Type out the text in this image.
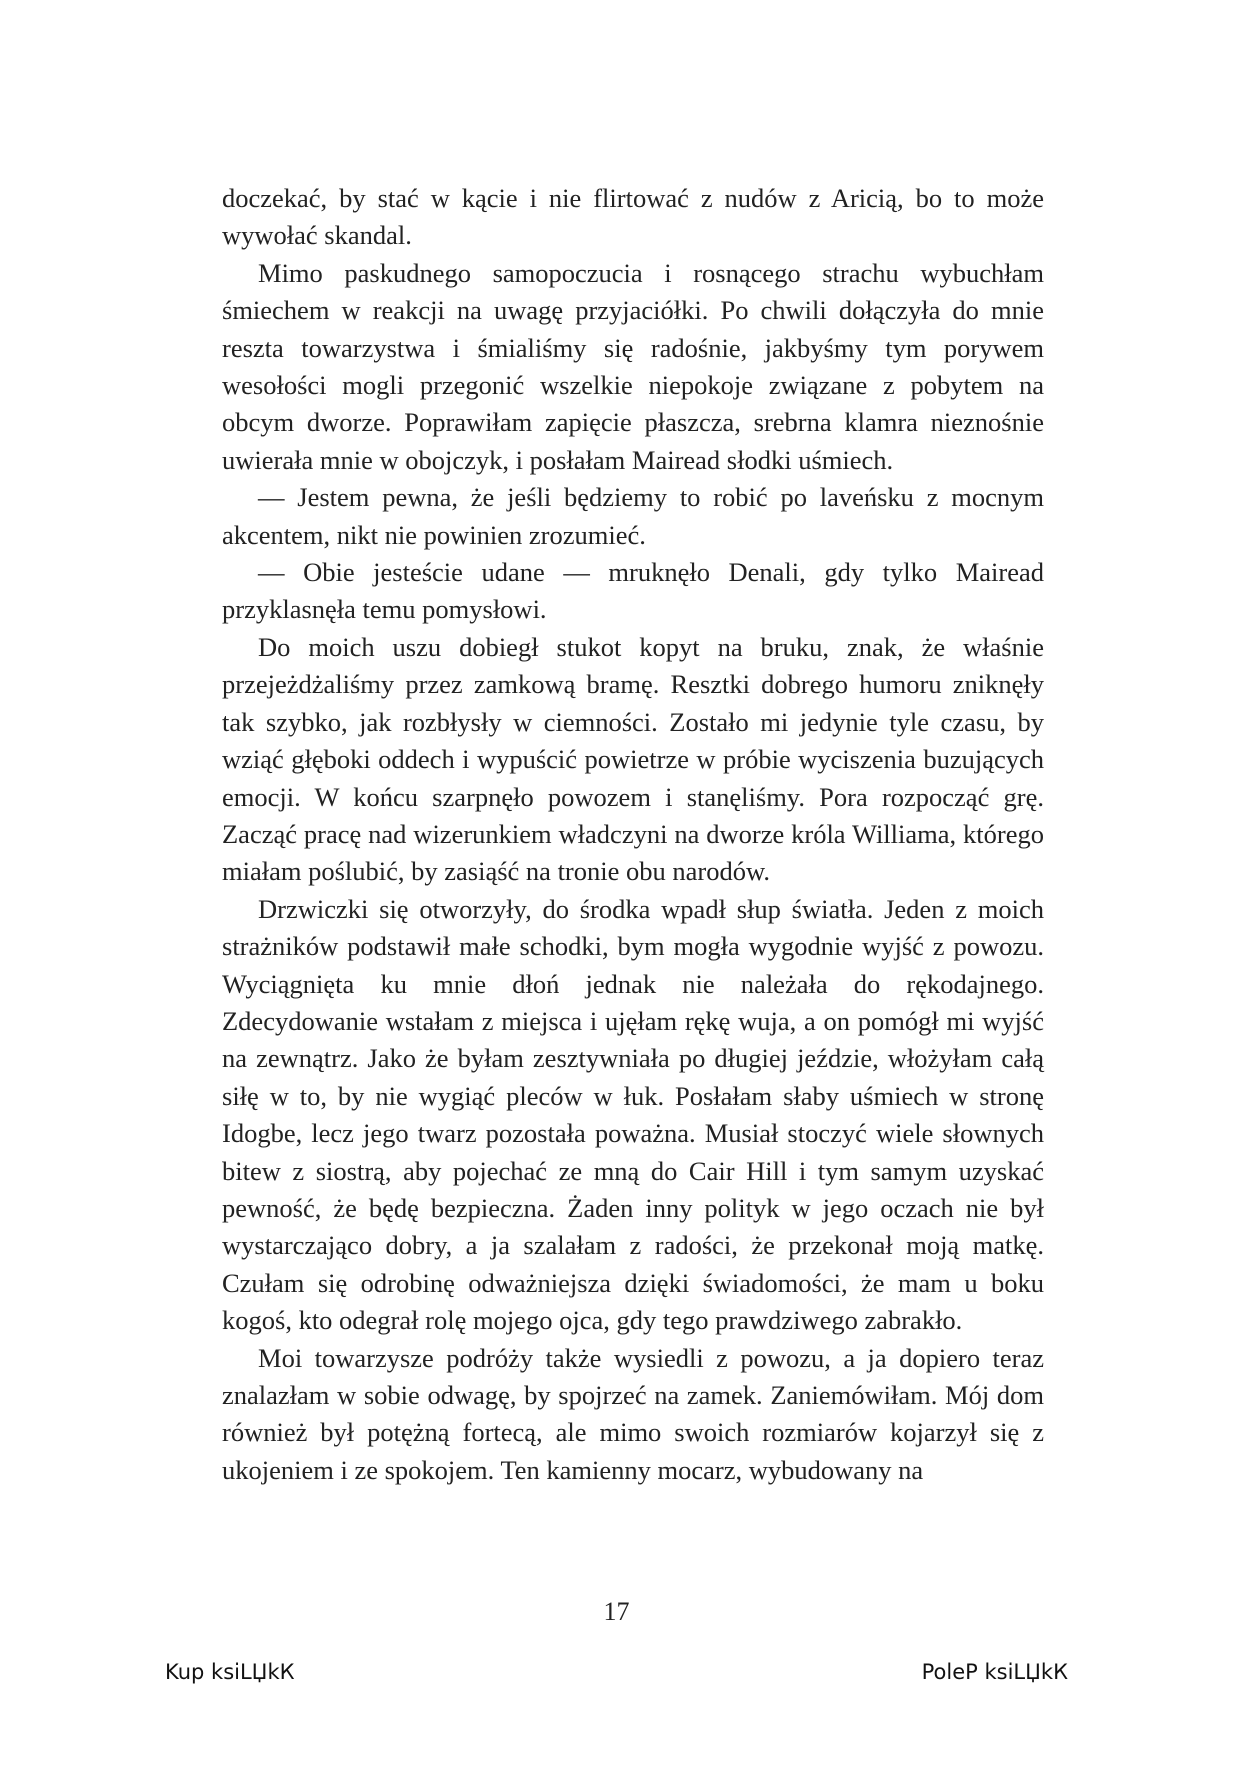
doczekać, by stać w kącie i nie flirtować z nudów z Aricią, bo to może wywołać skandal.

Mimo paskudnego samopoczucia i rosnącego strachu wybuchłam śmiechem w reakcji na uwagę przyjaciółki. Po chwili dołączyła do mnie reszta towarzystwa i śmialiśmy się radośnie, jakbyśmy tym porywem wesołości mogli przegonić wszelkie niepokoje związane z pobytem na obcym dworze. Poprawiłam zapięcie płaszcza, srebrna klamra nieznośnie uwierała mnie w obojczyk, i posłałam Mairead słodki uśmiech.

— Jestem pewna, że jeśli będziemy to robić po laveńsku z mocnym akcentem, nikt nie powinien zrozumieć.

— Obie jesteście udane — mruknęło Denali, gdy tylko Mairead przyklasnęła temu pomysłowi.

Do moich uszu dobiegł stukot kopyt na bruku, znak, że właśnie przejeżdżaliśmy przez zamkową bramę. Resztki dobrego humoru zniknęły tak szybko, jak rozbłysły w ciemności. Zostało mi jedynie tyle czasu, by wziąć głęboki oddech i wypuścić powietrze w próbie wyciszenia buzujących emocji. W końcu szarpnęło powozem i stanęliśmy. Pora rozpocząć grę. Zacząć pracę nad wizerunkiem władczyni na dworze króla Williama, którego miałam poślubić, by zasiąść na tronie obu narodów.

Drzwiczki się otworzyły, do środka wpadł słup światła. Jeden z moich strażników podstawił małe schodki, bym mogła wygodnie wyjść z powozu. Wyciągnięta ku mnie dłoń jednak nie należała do rękodajnego. Zdecydowanie wstałam z miejsca i ujęłam rękę wuja, a on pomógł mi wyjść na zewnątrz. Jako że byłam zesztywniała po długiej jeździe, włożyłam całą siłę w to, by nie wygiąć pleców w łuk. Posłałam słaby uśmiech w stronę Idogbe, lecz jego twarz pozostała poważna. Musiał stoczyć wiele słownych bitew z siostrą, aby pojechać ze mną do Cair Hill i tym samym uzyskać pewność, że będę bezpieczna. Żaden inny polityk w jego oczach nie był wystarczająco dobry, a ja szalałam z radości, że przekonał moją matkę. Czułam się odrobinę odważniejsza dzięki świadomości, że mam u boku kogoś, kto odegrał rolę mojego ojca, gdy tego prawdziwego zabrakło.

Moi towarzysze podróży także wysiedli z powozu, a ja dopiero teraz znalazłam w sobie odwagę, by spojrzeć na zamek. Zaniemówiłam. Mój dom również był potężną fortecą, ale mimo swoich rozmiarów kojarzył się z ukojeniem i ze spokojem. Ten kamienny mocarz, wybudowany na

17
Kup ksiLЏkК	PoleР ksiLЏkК
